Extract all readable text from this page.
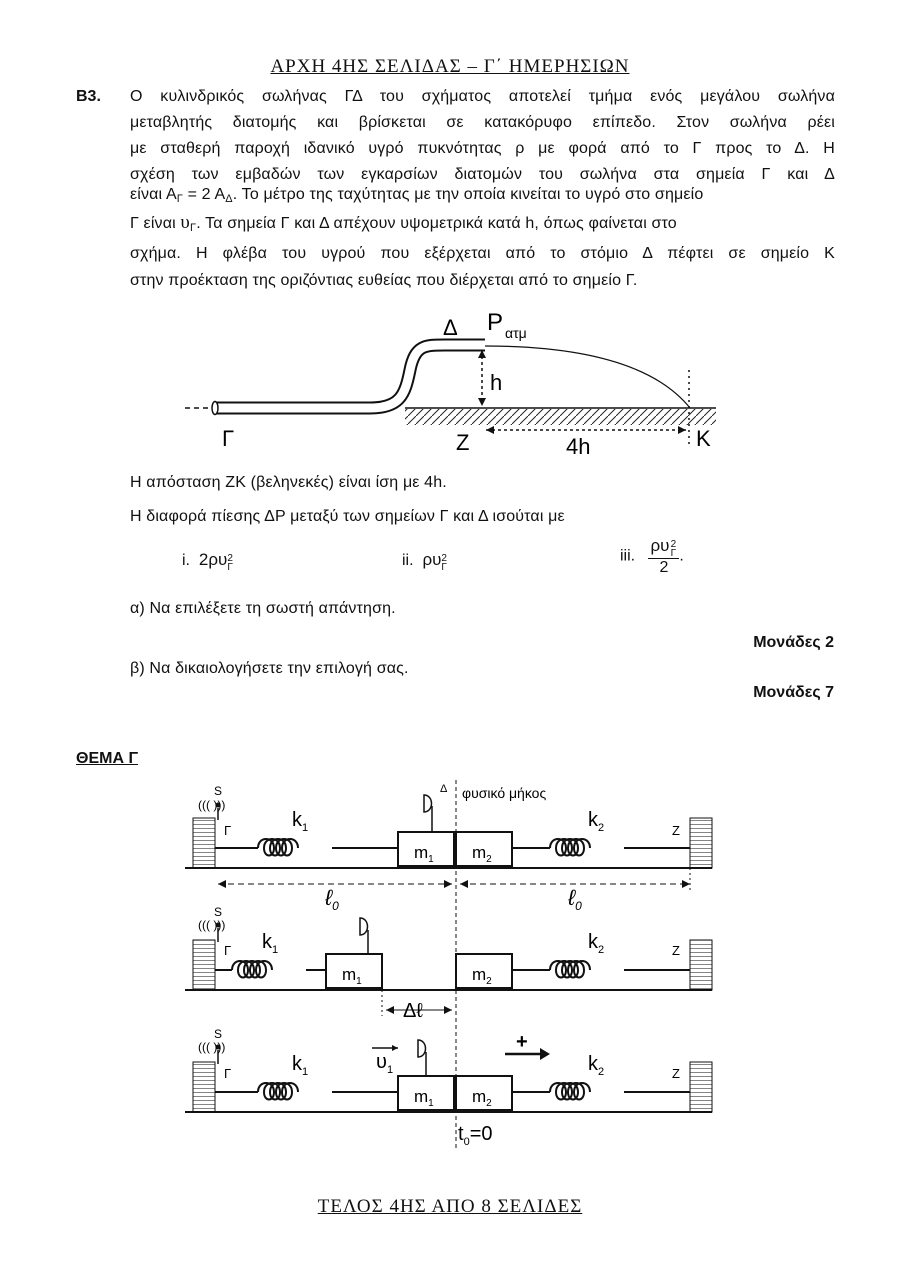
ΑΡΧΗ 4ΗΣ ΣΕΛΙΔΑΣ – Γ΄ ΗΜΕΡΗΣΙΩΝ
Β3. Ο κυλινδρικός σωλήνας ΓΔ του σχήματος αποτελεί τμήμα ενός μεγάλου σωλήνα
μεταβλητής διατομής και βρίσκεται σε κατακόρυφο επίπεδο. Στον σωλήνα ρέει
με σταθερή παροχή ιδανικό υγρό πυκνότητας ρ με φορά από το Γ προς το Δ. Η
σχέση των εμβαδών των εγκαρσίων διατομών του σωλήνα στα σημεία Γ και Δ
είναι $A_\Gamma = 2$ $A_\Delta$. Το μέτρο της ταχύτητας με την οποία κινείται το υγρό στο σημείο
Γ είναι $\upsilon_\Gamma$. Τα σημεία Γ και Δ απέχουν υψομετρικά κατά h, όπως φαίνεται στο
σχήμα. Η φλέβα του υγρού που εξέρχεται από το στόμιο Δ πέφτει σε σημείο Κ
στην προέκταση της οριζόντιας ευθείας που διέρχεται από το σημείο Γ.
Δ P ατμ
h
Γ	Z	4h	K
Η απόσταση ΖΚ (βεληνεκές) είναι ίση με 4h.
Η διαφορά πίεσης ΔΡ μεταξύ των σημείων Γ και Δ ισούται με
i. 2ρυ 2
Γ	ii. ρυ 2
Γ
iii. ρυ 2
Γ
2 .
α) Να επιλέξετε τη σωστή απάντηση.
Μονάδες 2
β) Να δικαιολογήσετε την επιλογή σας.
Μονάδες 7
ΘΕΜΑ Γ
φυσικό μήκος
S
((( )))
Γ	Z
$k_1$
$m_1$ $m_2$
Δ
$k_2$
ℓ$_0$	ℓ$_0$
S
((( )))
Γ	Z
$k_1$
$m_1$	$m_2$
$k_2$
Δℓ
S
((( )))
Γ	Z
$k_1$
$m_1$ $m_2$
$\upsilon_1$
+
$k_2$
$t_0=0$
ΤΕΛΟΣ 4ΗΣ ΑΠΟ 8 ΣΕΛΙΔΕΣ
